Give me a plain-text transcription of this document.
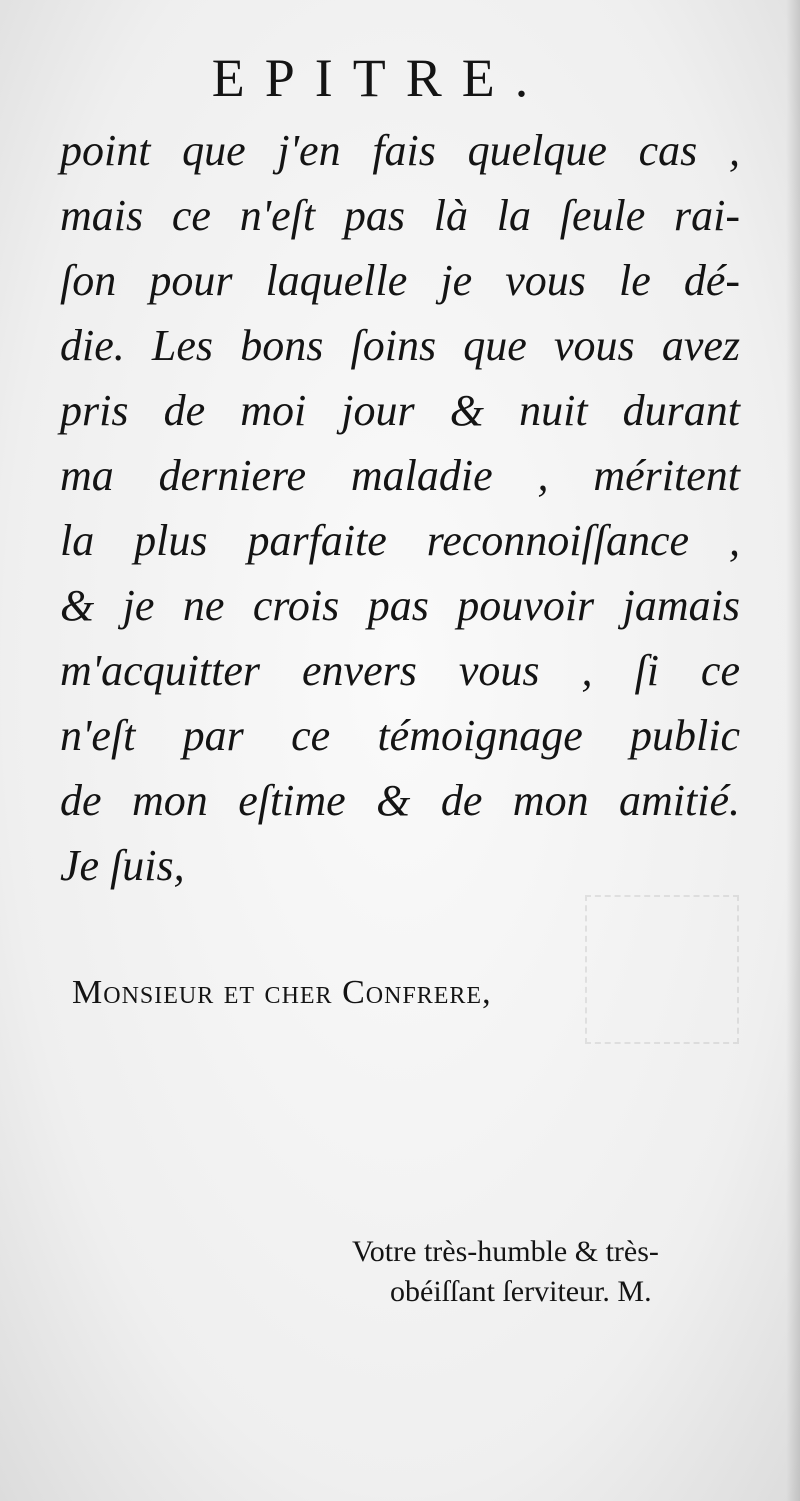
EPITRE.
point que j'en fais quelque cas ,
mais ce n'eſt pas là la ſeule rai-
ſon pour laquelle je vous le dé-
die. Les bons ſoins que vous avez
pris de moi jour & nuit durant
ma derniere maladie , méritent
la plus parfaite reconnoiſſance ,
& je ne crois pas pouvoir jamais
m'acquitter envers vous , ſi ce
n'eſt par ce témoignage public
de mon eſtime & de mon amitié.
Je ſuis,
Monsieur et cher Confrere,
Votre très-humble & très-
obéiſſant ſerviteur. M.
